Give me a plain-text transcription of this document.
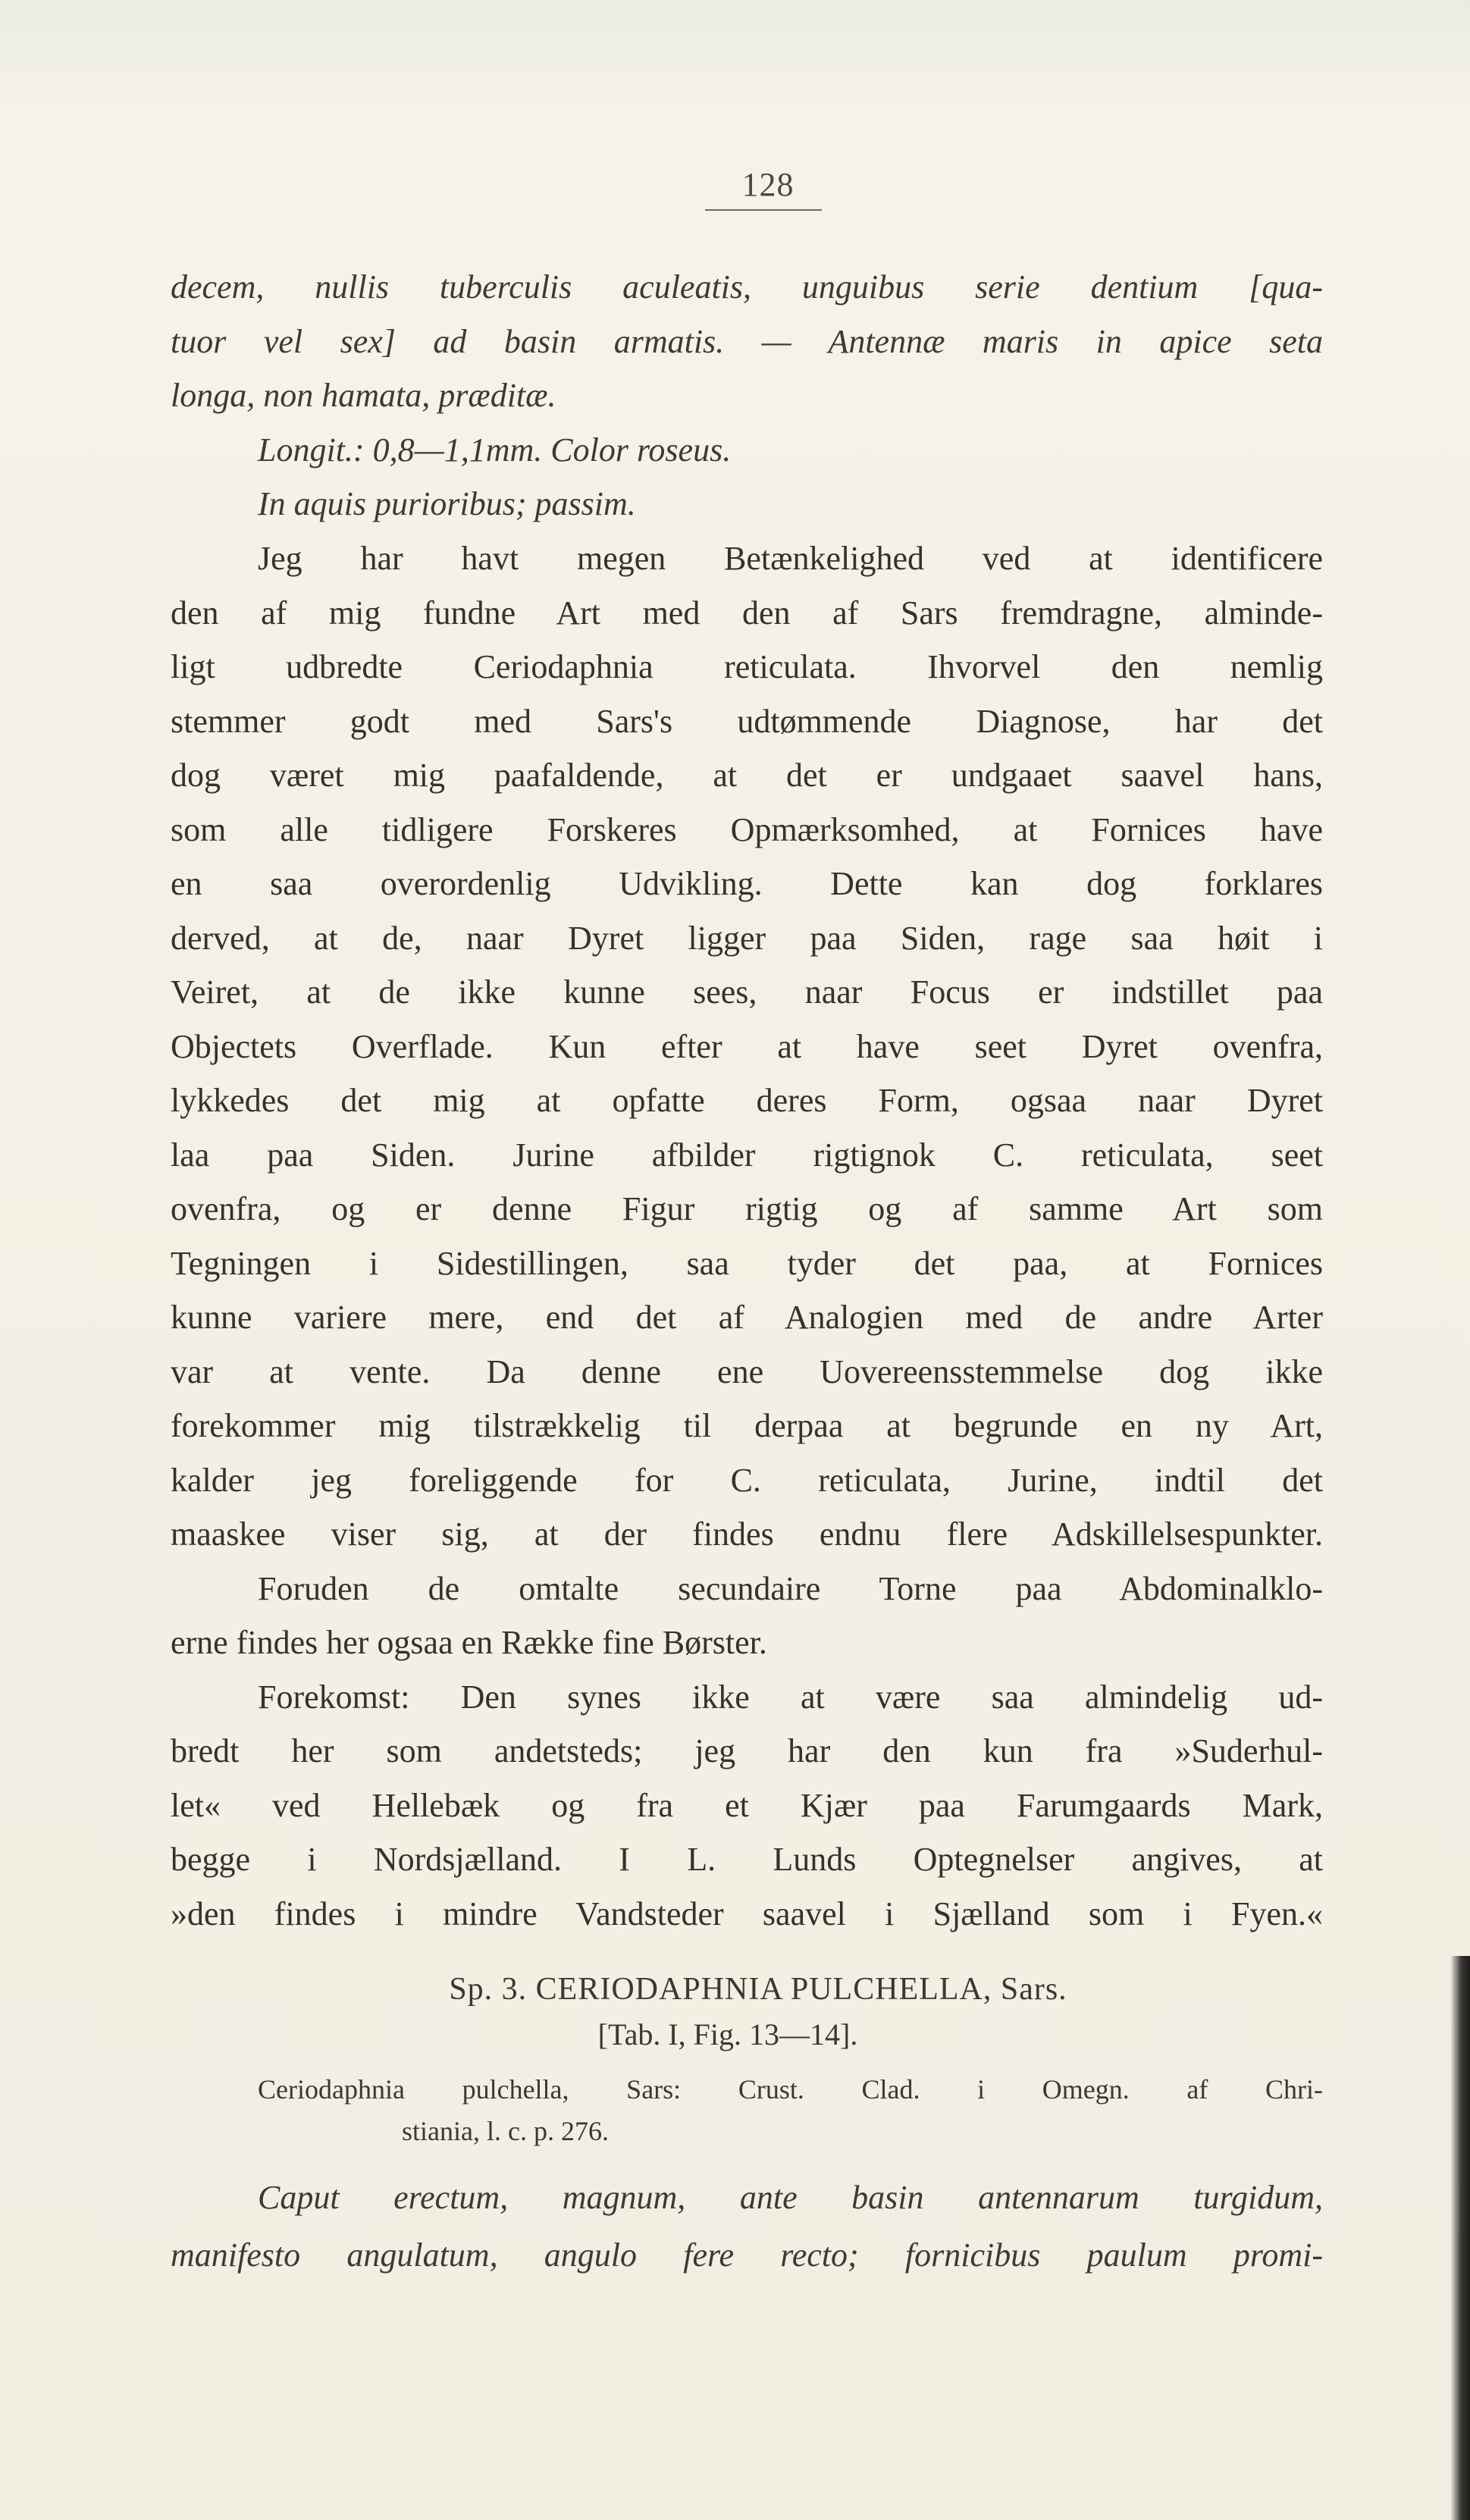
128
decem, nullis tuberculis aculeatis, unguibus serie dentium [qua-
tuor vel sex] ad basin armatis. — Antennæ maris in apice seta
longa, non hamata, præditæ.
Longit.: 0,8—1,1mm. Color roseus.
In aquis purioribus; passim.
Jeg har havt megen Betænkelighed ved at identificere
den af mig fundne Art med den af Sars fremdragne, alminde-
ligt udbredte Ceriodaphnia reticulata. Ihvorvel den nemlig
stemmer godt med Sars's udtømmende Diagnose, har det
dog været mig paafaldende, at det er undgaaet saavel hans,
som alle tidligere Forskeres Opmærksomhed, at Fornices have
en saa overordenlig Udvikling. Dette kan dog forklares
derved, at de, naar Dyret ligger paa Siden, rage saa høit i
Veiret, at de ikke kunne sees, naar Focus er indstillet paa
Objectets Overflade. Kun efter at have seet Dyret ovenfra,
lykkedes det mig at opfatte deres Form, ogsaa naar Dyret
laa paa Siden. Jurine afbilder rigtignok C. reticulata, seet
ovenfra, og er denne Figur rigtig og af samme Art som
Tegningen i Sidestillingen, saa tyder det paa, at Fornices
kunne variere mere, end det af Analogien med de andre Arter
var at vente. Da denne ene Uovereensstemmelse dog ikke
forekommer mig tilstrækkelig til derpaa at begrunde en ny Art,
kalder jeg foreliggende for C. reticulata, Jurine, indtil det
maaskee viser sig, at der findes endnu flere Adskillelsespunkter.
Foruden de omtalte secundaire Torne paa Abdominalklo-
erne findes her ogsaa en Række fine Børster.
Forekomst: Den synes ikke at være saa almindelig ud-
bredt her som andetsteds; jeg har den kun fra »Suderhul-
let« ved Hellebæk og fra et Kjær paa Farumgaards Mark,
begge i Nordsjælland. I L. Lunds Optegnelser angives, at
»den findes i mindre Vandsteder saavel i Sjælland som i Fyen.«
Sp. 3. CERIODAPHNIA PULCHELLA, Sars.
[Tab. I, Fig. 13—14].
Ceriodaphnia pulchella, Sars: Crust. Clad. i Omegn. af Chri-
stiania, l. c. p. 276.
Caput erectum, magnum, ante basin antennarum turgidum,
manifesto angulatum, angulo fere recto; fornicibus paulum promi-
